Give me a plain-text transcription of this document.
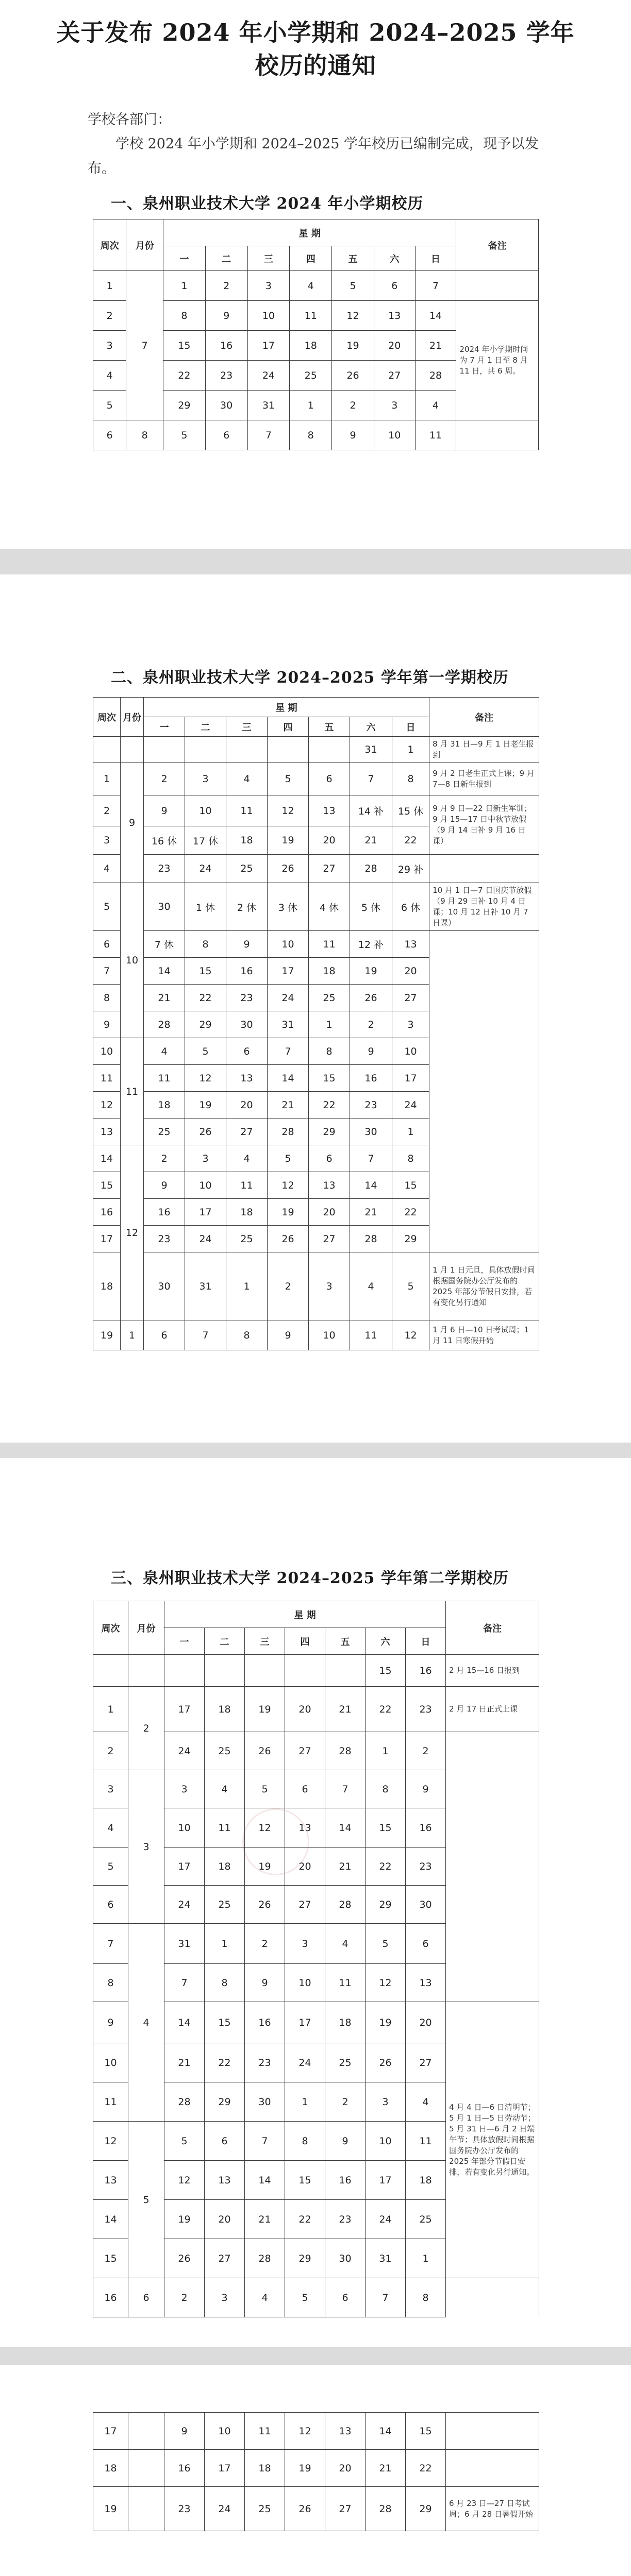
关于发布 2024 年小学期和 2024–2025 学年
校历的通知
学校各部门：
学校 2024 年小学期和 2024–2025 学年校历已编制完成，现予以发布。
一、泉州职业技术大学 2024 年小学期校历
周次	月份	星 期							备注
		一	二	三	四	五	六	日	
1	7	1	2	3	4	5	6	7	
2		8	9	10	11	12	13	14	2024 年小学期时间为 7 月 1 日至 8 月 11 日，共 6 周。
3		15	16	17	18	19	20	21	
4		22	23	24	25	26	27	28	
5		29	30	31	1	2	3	4	
6	8	5	6	7	8	9	10	11	
二、泉州职业技术大学 2024–2025 学年第一学期校历
周次	月份	星 期							备注
		一	二	三	四	五	六	日	
							31	1	8 月 31 日—9 月 1 日老生报到
1	9	2	3	4	5	6	7	8	9 月 2 日老生正式上课；9 月 7—8 日新生报到
2		9	10	11	12	13	14 补	15 休	9 月 9 日—22 日新生军训；9 月 15—17 日中秋节放假（9 月 14 日补 9 月 16 日课）
3		16 休	17 休	18	19	20	21	22	
4		23	24	25	26	27	28	29 补	
5	10	30	1 休	2 休	3 休	4 休	5 休	6 休	10 月 1 日—7 日国庆节放假（9 月 29 日补 10 月 4 日课；10 月 12 日补 10 月 7 日课）
6		7 休	8	9	10	11	12 补	13	
7		14	15	16	17	18	19	20	
8		21	22	23	24	25	26	27	
9		28	29	30	31	1	2	3	
10	11	4	5	6	7	8	9	10	
11		11	12	13	14	15	16	17	
12		18	19	20	21	22	23	24	
13		25	26	27	28	29	30	1	
14	12	2	3	4	5	6	7	8	
15		9	10	11	12	13	14	15	
16		16	17	18	19	20	21	22	
17		23	24	25	26	27	28	29	
18		30	31	1	2	3	4	5	1 月 1 日元旦，具体放假时间根据国务院办公厅发布的 2025 年部分节假日安排，若有变化另行通知
19	1	6	7	8	9	10	11	12	1 月 6 日—10 日考试周；1 月 11 日寒假开始
三、泉州职业技术大学 2024–2025 学年第二学期校历
周次	月份	星 期							备注	
		一	二	三	四	五	六	日		
							15	16	2 月 15—16 日报到	
1	2	17	18	19	20	21	22	23	2 月 17 日正式上课	
2		24	25	26	27	28	1	2		
3	3	3	4	5	6	7	8	9		
4		10	11	12	13	14	15	16		
5		17	18	19	20	21	22	23		
6		24	25	26	27	28	29	30		
7	4	31	1	2	3	4	5	6		
8		7	8	9	10	11	12	13		
9		14	15	16	17	18	19	20	4 月 4 日—6 日清明节；5 月 1 日—5 日劳动节；5 月 31 日—6 月 2 日端午节；具体放假时间根据国务院办公厅发布的 2025 年部分节假日安排，若有变化另行通知。	
10		21	22	23	24	25	26	27		
11		28	29	30	1	2	3	4		
12	5	5	6	7	8	9	10	11		
13		12	13	14	15	16	17	18		
14		19	20	21	22	23	24	25		
15		26	27	28	29	30	31	1		
16	6	2	3	4	5	6	7	8		
17		9	10	11	12	13	14	15	
18		16	17	18	19	20	21	22	
19		23	24	25	26	27	28	29	6 月 23 日—27 日考试周；6 月 28 日暑假开始
